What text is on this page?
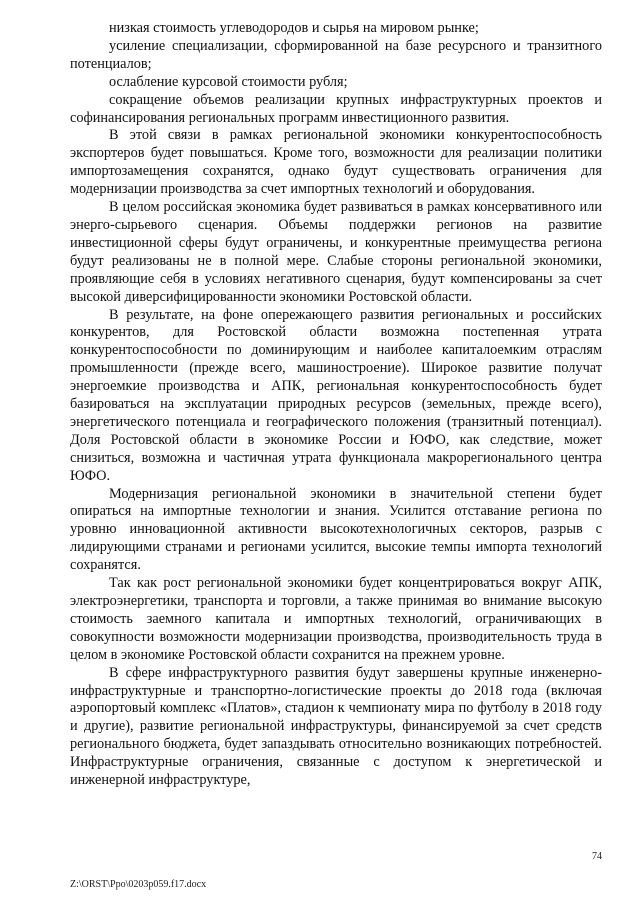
низкая стоимость углеводородов и сырья на мировом рынке;

усиление специализации, сформированной на базе ресурсного и транзитного потенциалов;

ослабление курсовой стоимости рубля;

сокращение объемов реализации крупных инфраструктурных проектов и софинансирования региональных программ инвестиционного развития.

В этой связи в рамках региональной экономики конкурентоспособность экспортеров будет повышаться. Кроме того, возможности для реализации политики импортозамещения сохранятся, однако будут существовать ограничения для модернизации производства за счет импортных технологий и оборудования.

В целом российская экономика будет развиваться в рамках консервативного или энерго-сырьевого сценария. Объемы поддержки регионов на развитие инвестиционной сферы будут ограничены, и конкурентные преимущества региона будут реализованы не в полной мере. Слабые стороны региональной экономики, проявляющие себя в условиях негативного сценария, будут компенсированы за счет высокой диверсифицированности экономики Ростовской области.

В результате, на фоне опережающего развития региональных и российских конкурентов, для Ростовской области возможна постепенная утрата конкурентоспособности по доминирующим и наиболее капиталоемким отраслям промышленности (прежде всего, машиностроение). Широкое развитие получат энергоемкие производства и АПК, региональная конкурентоспособность будет базироваться на эксплуатации природных ресурсов (земельных, прежде всего), энергетического потенциала и географического положения (транзитный потенциал). Доля Ростовской области в экономике России и ЮФО, как следствие, может снизиться, возможна и частичная утрата функционала макрорегионального центра ЮФО.

Модернизация региональной экономики в значительной степени будет опираться на импортные технологии и знания. Усилится отставание региона по уровню инновационной активности высокотехнологичных секторов, разрыв с лидирующими странами и регионами усилится, высокие темпы импорта технологий сохранятся.

Так как рост региональной экономики будет концентрироваться вокруг АПК, электроэнергетики, транспорта и торговли, а также принимая во внимание высокую стоимость заемного капитала и импортных технологий, ограничивающих в совокупности возможности модернизации производства, производительность труда в целом в экономике Ростовской области сохранится на прежнем уровне.

В сфере инфраструктурного развития будут завершены крупные инженерно-инфраструктурные и транспортно-логистические проекты до 2018 года (включая аэропортовый комплекс «Платов», стадион к чемпионату мира по футболу в 2018 году и другие), развитие региональной инфраструктуры, финансируемой за счет средств регионального бюджета, будет запаздывать относительно возникающих потребностей. Инфраструктурные ограничения, связанные с доступом к энергетической и инженерной инфраструктуре,

74
Z:\ORST\Ppo\0203p059.f17.docx
